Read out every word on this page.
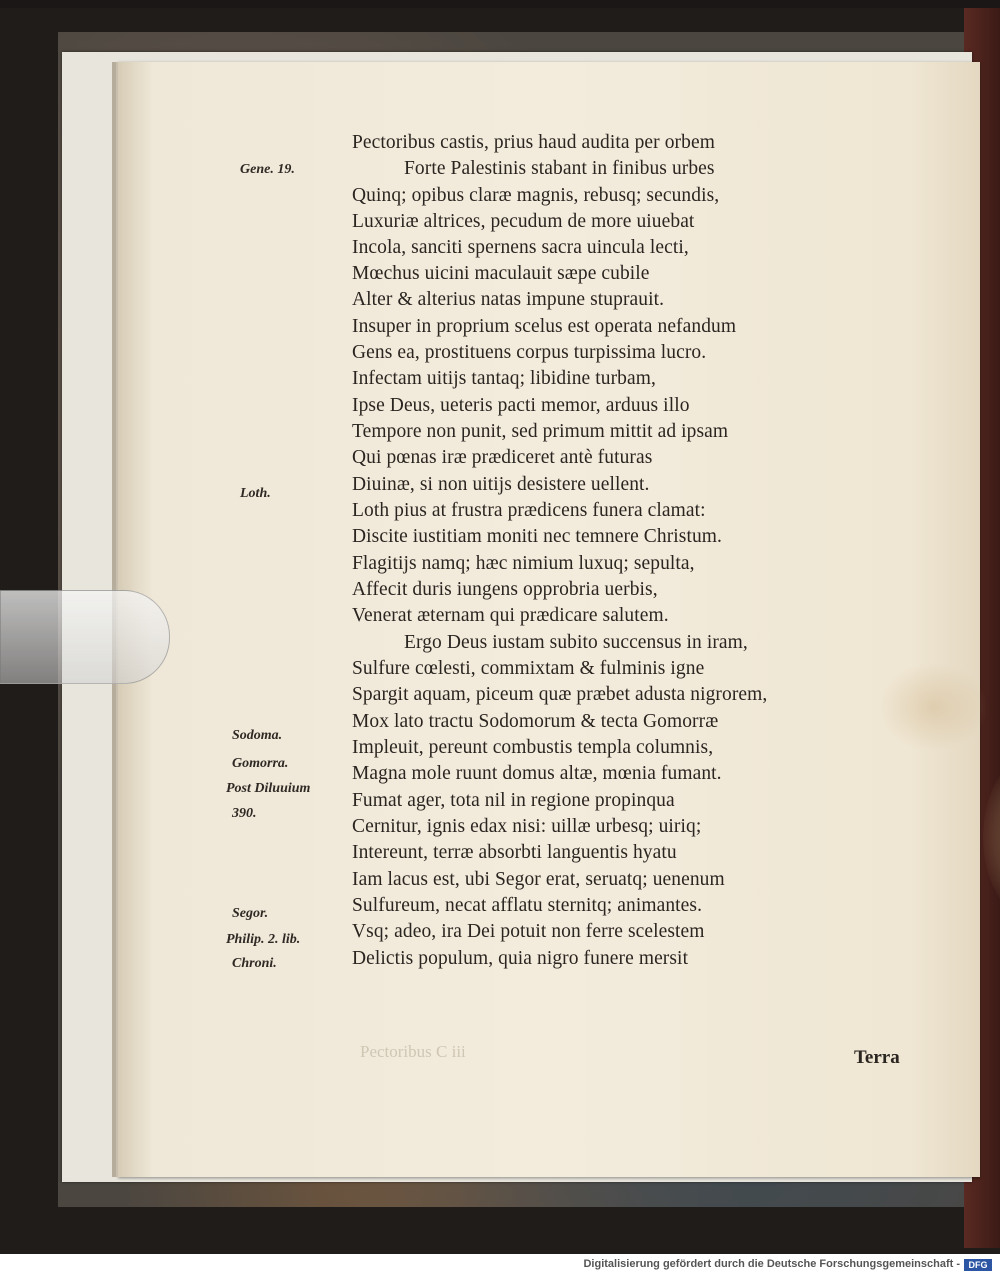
Pectoribus C iii
Pectoribus castis, prius haud audita per orbem
Forte Palestinis stabant in finibus urbes
Quinq; opibus claræ magnis, rebusq; secundis,
Luxuriæ altrices, pecudum de more uiuebat
Incola, sanciti spernens sacra uincula lecti,
Mœchus uicini maculauit sæpe cubile
Alter & alterius natas impune stuprauit.
Insuper in proprium scelus est operata nefandum
Gens ea, prostituens corpus turpissima lucro.
Infectam uitijs tantaq; libidine turbam,
Ipse Deus, ueteris pacti memor, arduus illo
Tempore non punit, sed primum mittit ad ipsam
Qui pœnas iræ prædiceret antè futuras
Diuinæ, si non uitijs desistere uellent.
Loth pius at frustra prædicens funera clamat:
Discite iustitiam moniti nec temnere Christum.
Flagitijs namq; hæc nimium luxuq; sepulta,
Affecit duris iungens opprobria uerbis,
Venerat æternam qui prædicare salutem.
Ergo Deus iustam subito succensus in iram,
Sulfure cœlesti, commixtam & fulminis igne
Spargit aquam, piceum quæ præbet adusta nigrorem,
Mox lato tractu Sodomorum & tecta Gomorræ
Impleuit, pereunt combustis templa columnis,
Magna mole ruunt domus altæ, mœnia fumant.
Fumat ager, tota nil in regione propinqua
Cernitur, ignis edax nisi: uillæ urbesq; uiriq;
Intereunt, terræ absorbti languentis hyatu
Iam lacus est, ubi Segor erat, seruatq; uenenum
Sulfureum, necat afflatu sternitq; animantes.
Vsq; adeo, ira Dei potuit non ferre scelestem
Delictis populum, quia nigro funere mersit
Gene. 19.
Loth.
Sodoma.
Gomorra.
Post Diluuium
390.
Segor.
Philip. 2. lib.
Chroni.
Terra
Digitalisierung gefördert durch die Deutsche Forschungsgemeinschaft - DFG
